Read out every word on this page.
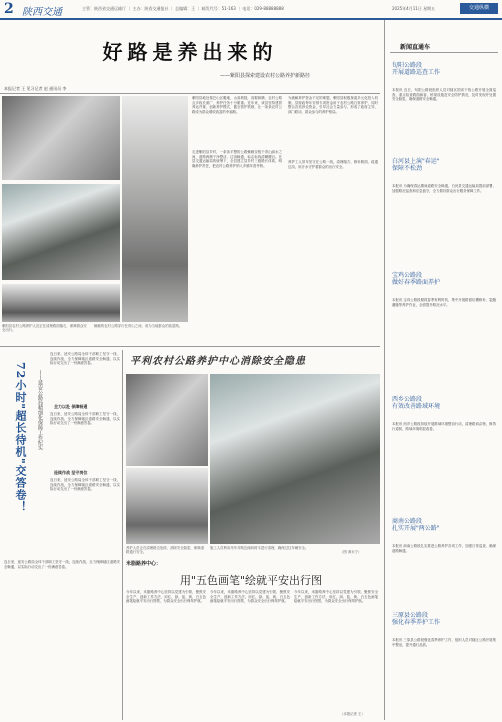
2 陕西交通	主管：陕西省交通运输厅 ｜ 主办：陕西交通报社 ｜ 总编辑：王 ｜ 邮发代号：51-163 ｜ 电话：029-88888888	2025年4月11日 星期五	交通纵横
好路是养出来的
——紫阳县探索建设农村公路养护新路径
本报记者 王 见习记者 赵 通讯员 李
紫阳县农村公路养护人员正在清理路面落石，保障群众安全出行。
蜿蜒的农村公路穿行在青山之间，成为当地群众的致富路。
紫阳县地处秦巴山区腹地，山高坡陡，沟壑纵横，农村公路点多线长面广，养护任务十分繁重。近年来，该县坚持建管养运并重，创新养护模式，健全管护机制，让一条条农村公路成为群众增收致富的幸福路。
走进紫阳县乡村，一条条平整的公路蜿蜒穿梭于青山绿水之间，道路两侧干净整洁，边沟畅通，标志标线清晰醒目。在县交通运输局的统筹下，全县建立县乡村三级路长体系，明确养护责任，把农村公路养护纳入乡镇年度考核。
为破解养护资金不足的难题，紫阳县积极探索多元化投入机制，县财政每年安排专项资金用于农村公路日常养护，同时整合各类涉农资金，引导社会力量参与，形成了政府主导、部门联动、群众参与的养护格局。
养护工人常年坚守在公路一线，清理塌方、修补路面、疏通边沟，用汗水守护着群众的出行安全。
新闻直通车
旬阳公路段
开展道路巡查工作
本报讯 近日，旬阳公路段组织人员对辖区国省干线公路开展全面巡查，重点检查路面病害、桥梁设施及安全防护情况，及时发现并处置安全隐患，确保道路安全畅通。
白河县上演"春运"
保障不松劲
本报讯 为确保春运期间道路安全畅通，白河县交通运输局提前部署，加强路况巡查和应急值守，全力做好群众出行服务保障工作。
宝鸡公路段
做好春季路面养护
本报讯 宝鸡公路段紧抓春季有利时机，集中开展路面坑槽修补、裂缝灌缝等养护作业，全面提升路况水平。
西乡公路段
有效改善路域环境
本报讯 西乡公路段持续开展路域环境整治行动，清理路肩杂物，修剪行道树，路域环境明显改善。
商南公路段
扎实开展"两公路"
本报讯 商南公路段扎实推进公路养护各项工作，加强日常巡查，确保道路畅通。
三原县公路段
强化春季养护工作
本报讯 三原县公路段强化春季养护工作，组织人员对辖区公路开展集中整治，提升通行品质。
72小时"超长待机"交答卷！	——延安公路局精细化保障工作纪实
连日来，延安公路局全体干部职工坚守一线，连续作战，全力保障辖区道路安全畅通，以实际行动交出了一份满意答卷。
全力以赴 保障畅通
连日来，延安公路局全体干部职工坚守一线，连续作战，全力保障辖区道路安全畅通，以实际行动交出了一份满意答卷。
连续作战 坚守岗位
连日来，延安公路局全体干部职工坚守一线，连续作战，全力保障辖区道路安全畅通，以实际行动交出了一份满意答卷。
连日来，延安公路局全体干部职工坚守一线，连续作战，全力保障辖区道路安全畅通，以实际行动交出了一份满意答卷。
平利农村公路养护中心消除安全隐患
养护人员正在清理路边危树，消除安全隐患，保障道路通行安全。
施工人员利用吊车对路边倾斜树木进行清理，确保过往车辆安全。
（图 黄永宁）
米脂路养中心：
用"五色画笔"绘就平安出行图
今年以来，米脂路养中心坚持以党建为引领，聚焦安全生产，创新工作方法，用红、绿、蓝、黄、白五色画笔绘就平安出行图景，为群众安全出行保驾护航。
今年以来，米脂路养中心坚持以党建为引领，聚焦安全生产，创新工作方法，用红、绿、蓝、黄、白五色画笔绘就平安出行图景，为群众安全出行保驾护航。
今年以来，米脂路养中心坚持以党建为引领，聚焦安全生产，创新工作方法，用红、绿、蓝、黄、白五色画笔绘就平安出行图景，为群众安全出行保驾护航。
（本报记者 王）
